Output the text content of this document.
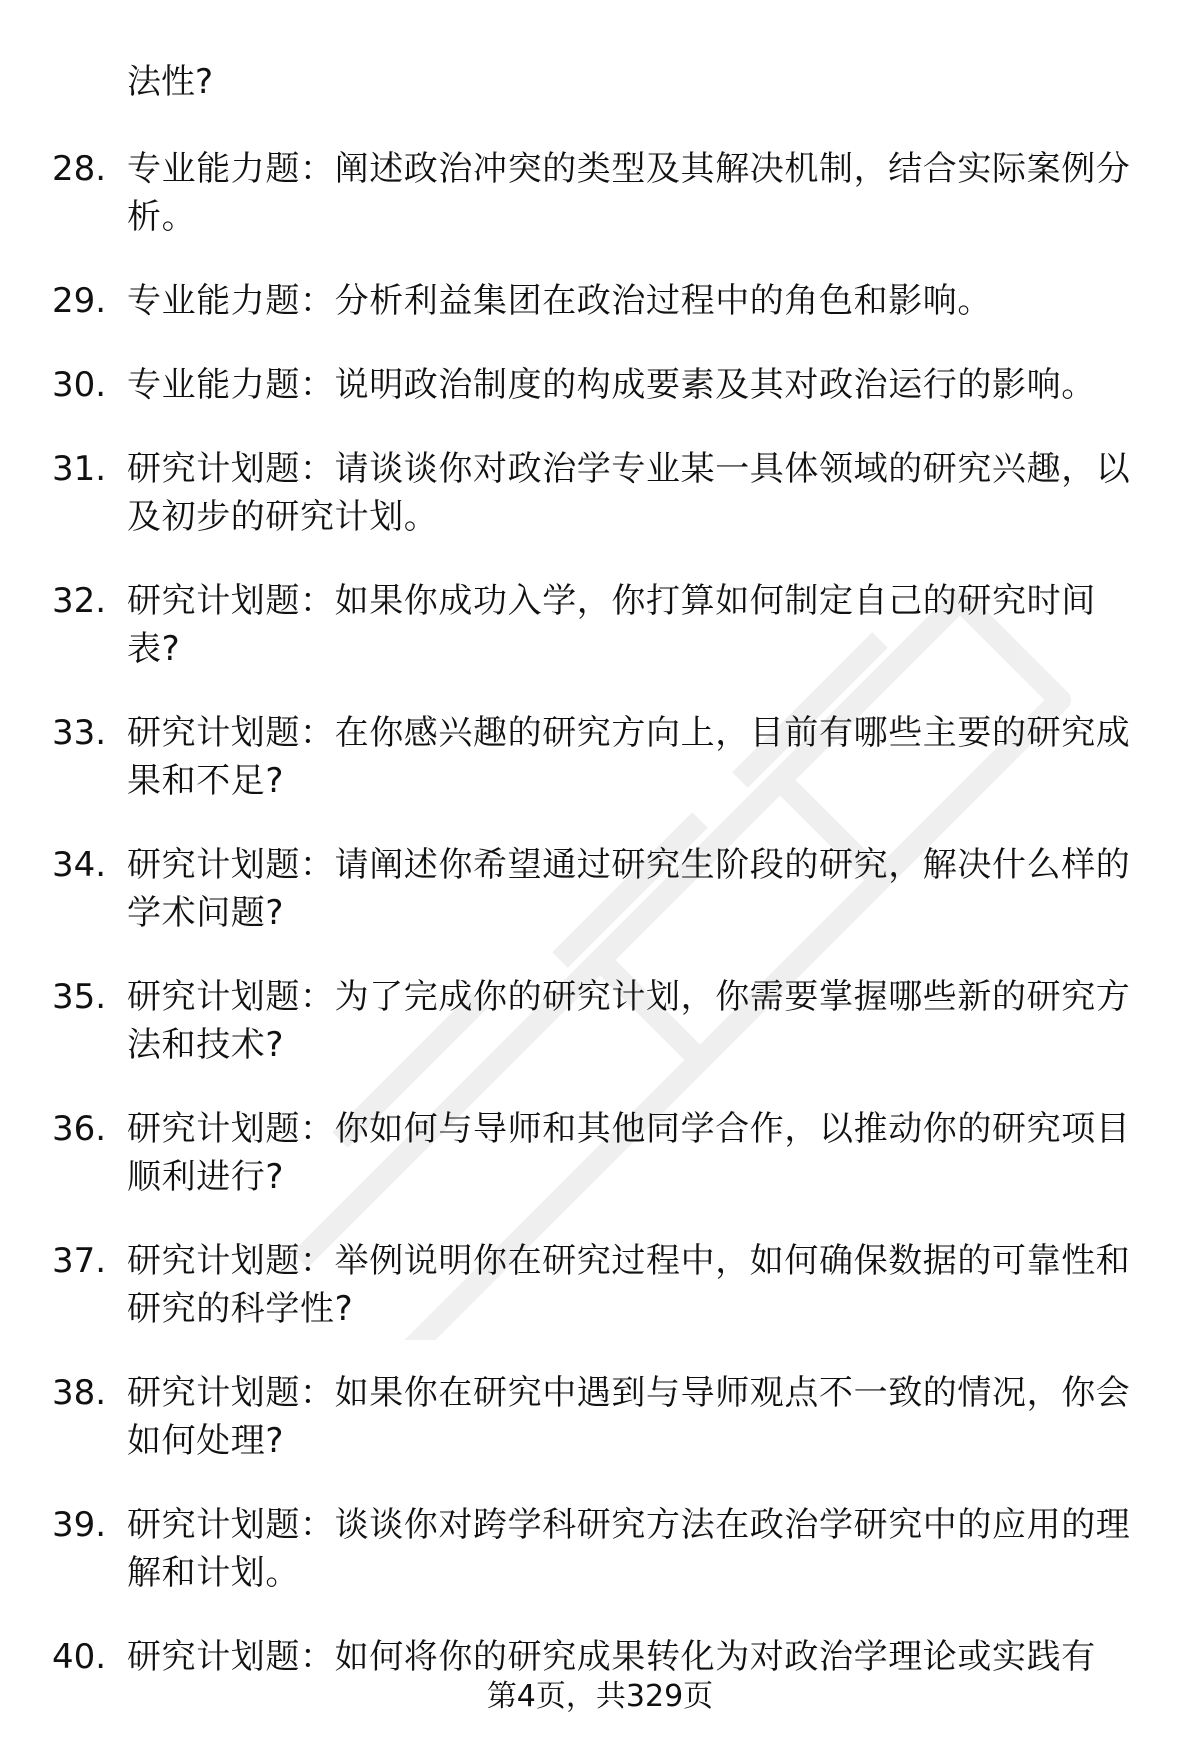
法性?
28. 专业能力题：阐述政治冲突的类型及其解决机制，结合实际案例分析。
29. 专业能力题：分析利益集团在政治过程中的角色和影响。
30. 专业能力题：说明政治制度的构成要素及其对政治运行的影响。
31. 研究计划题：请谈谈你对政治学专业某一具体领域的研究兴趣，以及初步的研究计划。
32. 研究计划题：如果你成功入学，你打算如何制定自己的研究时间表?
33. 研究计划题：在你感兴趣的研究方向上，目前有哪些主要的研究成果和不足?
34. 研究计划题：请阐述你希望通过研究生阶段的研究，解决什么样的学术问题?
35. 研究计划题：为了完成你的研究计划，你需要掌握哪些新的研究方法和技术?
36. 研究计划题：你如何与导师和其他同学合作，以推动你的研究项目顺利进行?
37. 研究计划题：举例说明你在研究过程中，如何确保数据的可靠性和研究的科学性?
38. 研究计划题：如果你在研究中遇到与导师观点不一致的情况，你会如何处理?
39. 研究计划题：谈谈你对跨学科研究方法在政治学研究中的应用的理解和计划。
40. 研究计划题：如何将你的研究成果转化为对政治学理论或实践有
第4页，共329页
